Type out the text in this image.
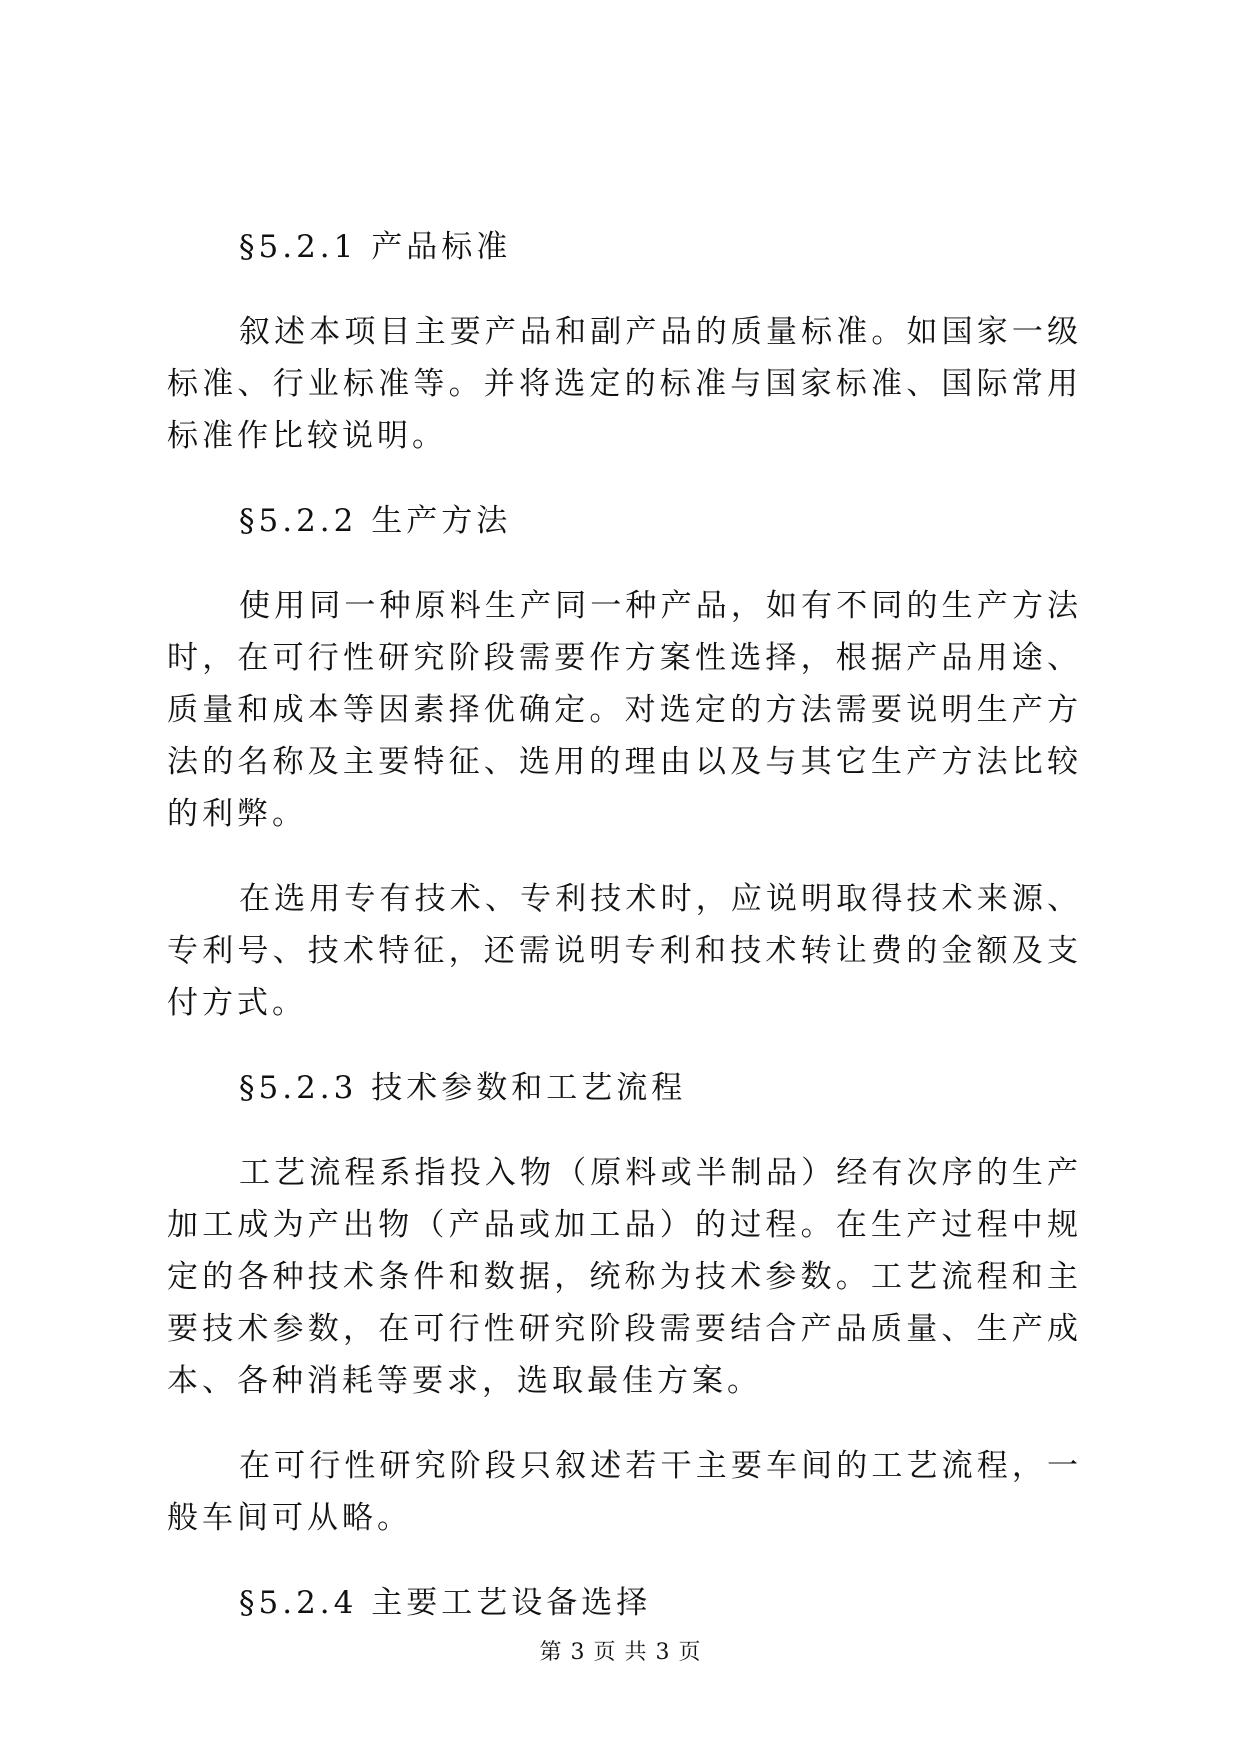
§5.2.1 产品标准

叙述本项目主要产品和副产品的质量标准。如国家一级标准、行业标准等。并将选定的标准与国家标准、国际常用标准作比较说明。

§5.2.2 生产方法

使用同一种原料生产同一种产品，如有不同的生产方法时，在可行性研究阶段需要作方案性选择，根据产品用途、质量和成本等因素择优确定。对选定的方法需要说明生产方法的名称及主要特征、选用的理由以及与其它生产方法比较的利弊。

在选用专有技术、专利技术时，应说明取得技术来源、专利号、技术特征，还需说明专利和技术转让费的金额及支付方式。

§5.2.3 技术参数和工艺流程

工艺流程系指投入物（原料或半制品）经有次序的生产加工成为产出物（产品或加工品）的过程。在生产过程中规定的各种技术条件和数据，统称为技术参数。工艺流程和主要技术参数，在可行性研究阶段需要结合产品质量、生产成本、各种消耗等要求，选取最佳方案。

在可行性研究阶段只叙述若干主要车间的工艺流程，一般车间可从略。

§5.2.4 主要工艺设备选择

第 3 页 共 3 页
